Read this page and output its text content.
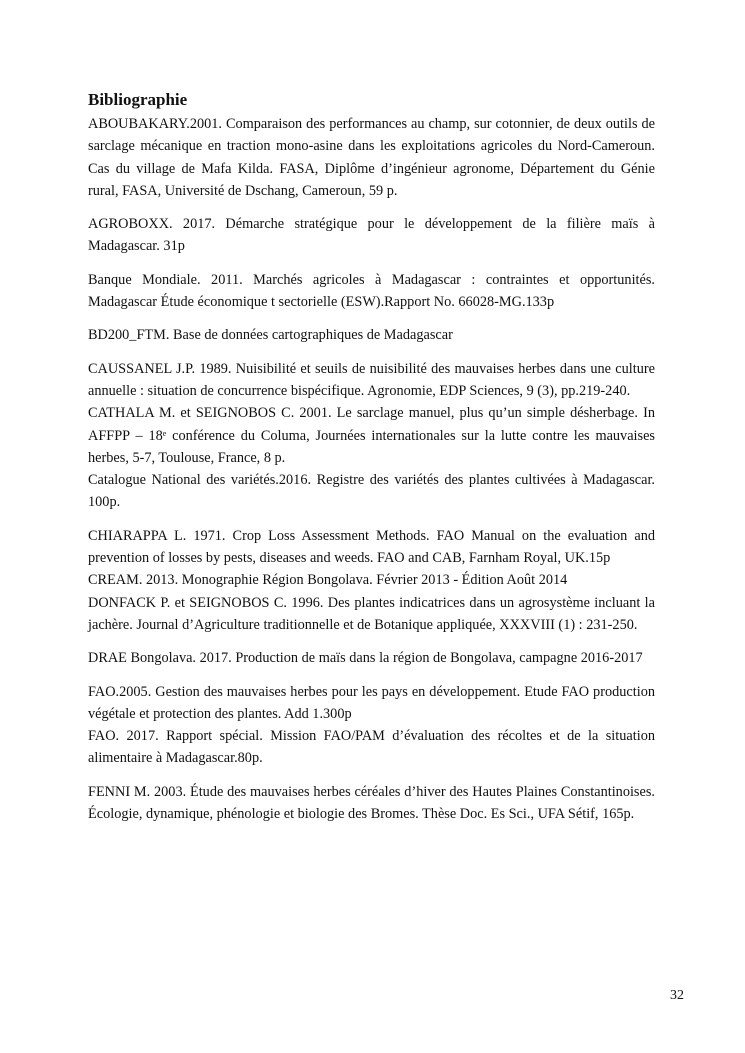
Bibliographie

ABOUBAKARY.2001. Comparaison des performances au champ, sur cotonnier, de deux outils de sarclage mécanique en traction mono-asine dans les exploitations agricoles du Nord-Cameroun. Cas du village de Mafa Kilda. FASA, Diplôme d’ingénieur agronome, Département du Génie rural, FASA, Université de Dschang, Cameroun, 59 p.

AGROBOXX. 2017. Démarche stratégique pour le développement de la filière maïs à Madagascar. 31p

Banque Mondiale. 2011. Marchés agricoles à Madagascar : contraintes et opportunités. Madagascar Étude économique t sectorielle (ESW).Rapport No. 66028-MG.133p

BD200_FTM. Base de données cartographiques de Madagascar

CAUSSANEL J.P. 1989. Nuisibilité et seuils de nuisibilité des mauvaises herbes dans une culture annuelle : situation de concurrence bispécifique. Agronomie, EDP Sciences, 9 (3), pp.219-240.

CATHALA M. et SEIGNOBOS C. 2001. Le sarclage manuel, plus qu’un simple désherbage. In AFFPP – 18e conférence du Columa, Journées internationales sur la lutte contre les mauvaises herbes, 5-7, Toulouse, France, 8 p.

Catalogue National des variétés.2016. Registre des variétés des plantes cultivées à Madagascar. 100p.

CHIARAPPA L. 1971. Crop Loss Assessment Methods. FAO Manual on the evaluation and prevention of losses by pests, diseases and weeds. FAO and CAB, Farnham Royal, UK.15p

CREAM. 2013. Monographie Région Bongolava. Février 2013 - Édition Août 2014

DONFACK P. et SEIGNOBOS C. 1996. Des plantes indicatrices dans un agrosystème incluant la jachère. Journal d’Agriculture traditionnelle et de Botanique appliquée, XXXVIII (1) : 231-250.

DRAE Bongolava. 2017. Production de maïs dans la région de Bongolava, campagne 2016-2017

FAO.2005. Gestion des mauvaises herbes pour les pays en développement. Etude FAO production végétale et protection des plantes. Add 1.300p

FAO. 2017. Rapport spécial. Mission FAO/PAM d’évaluation des récoltes et de la situation alimentaire à Madagascar.80p.

FENNI M. 2003. Étude des mauvaises herbes céréales d’hiver des Hautes Plaines Constantinoises. Écologie, dynamique, phénologie et biologie des Bromes. Thèse Doc. Es Sci., UFA Sétif, 165p.

32
